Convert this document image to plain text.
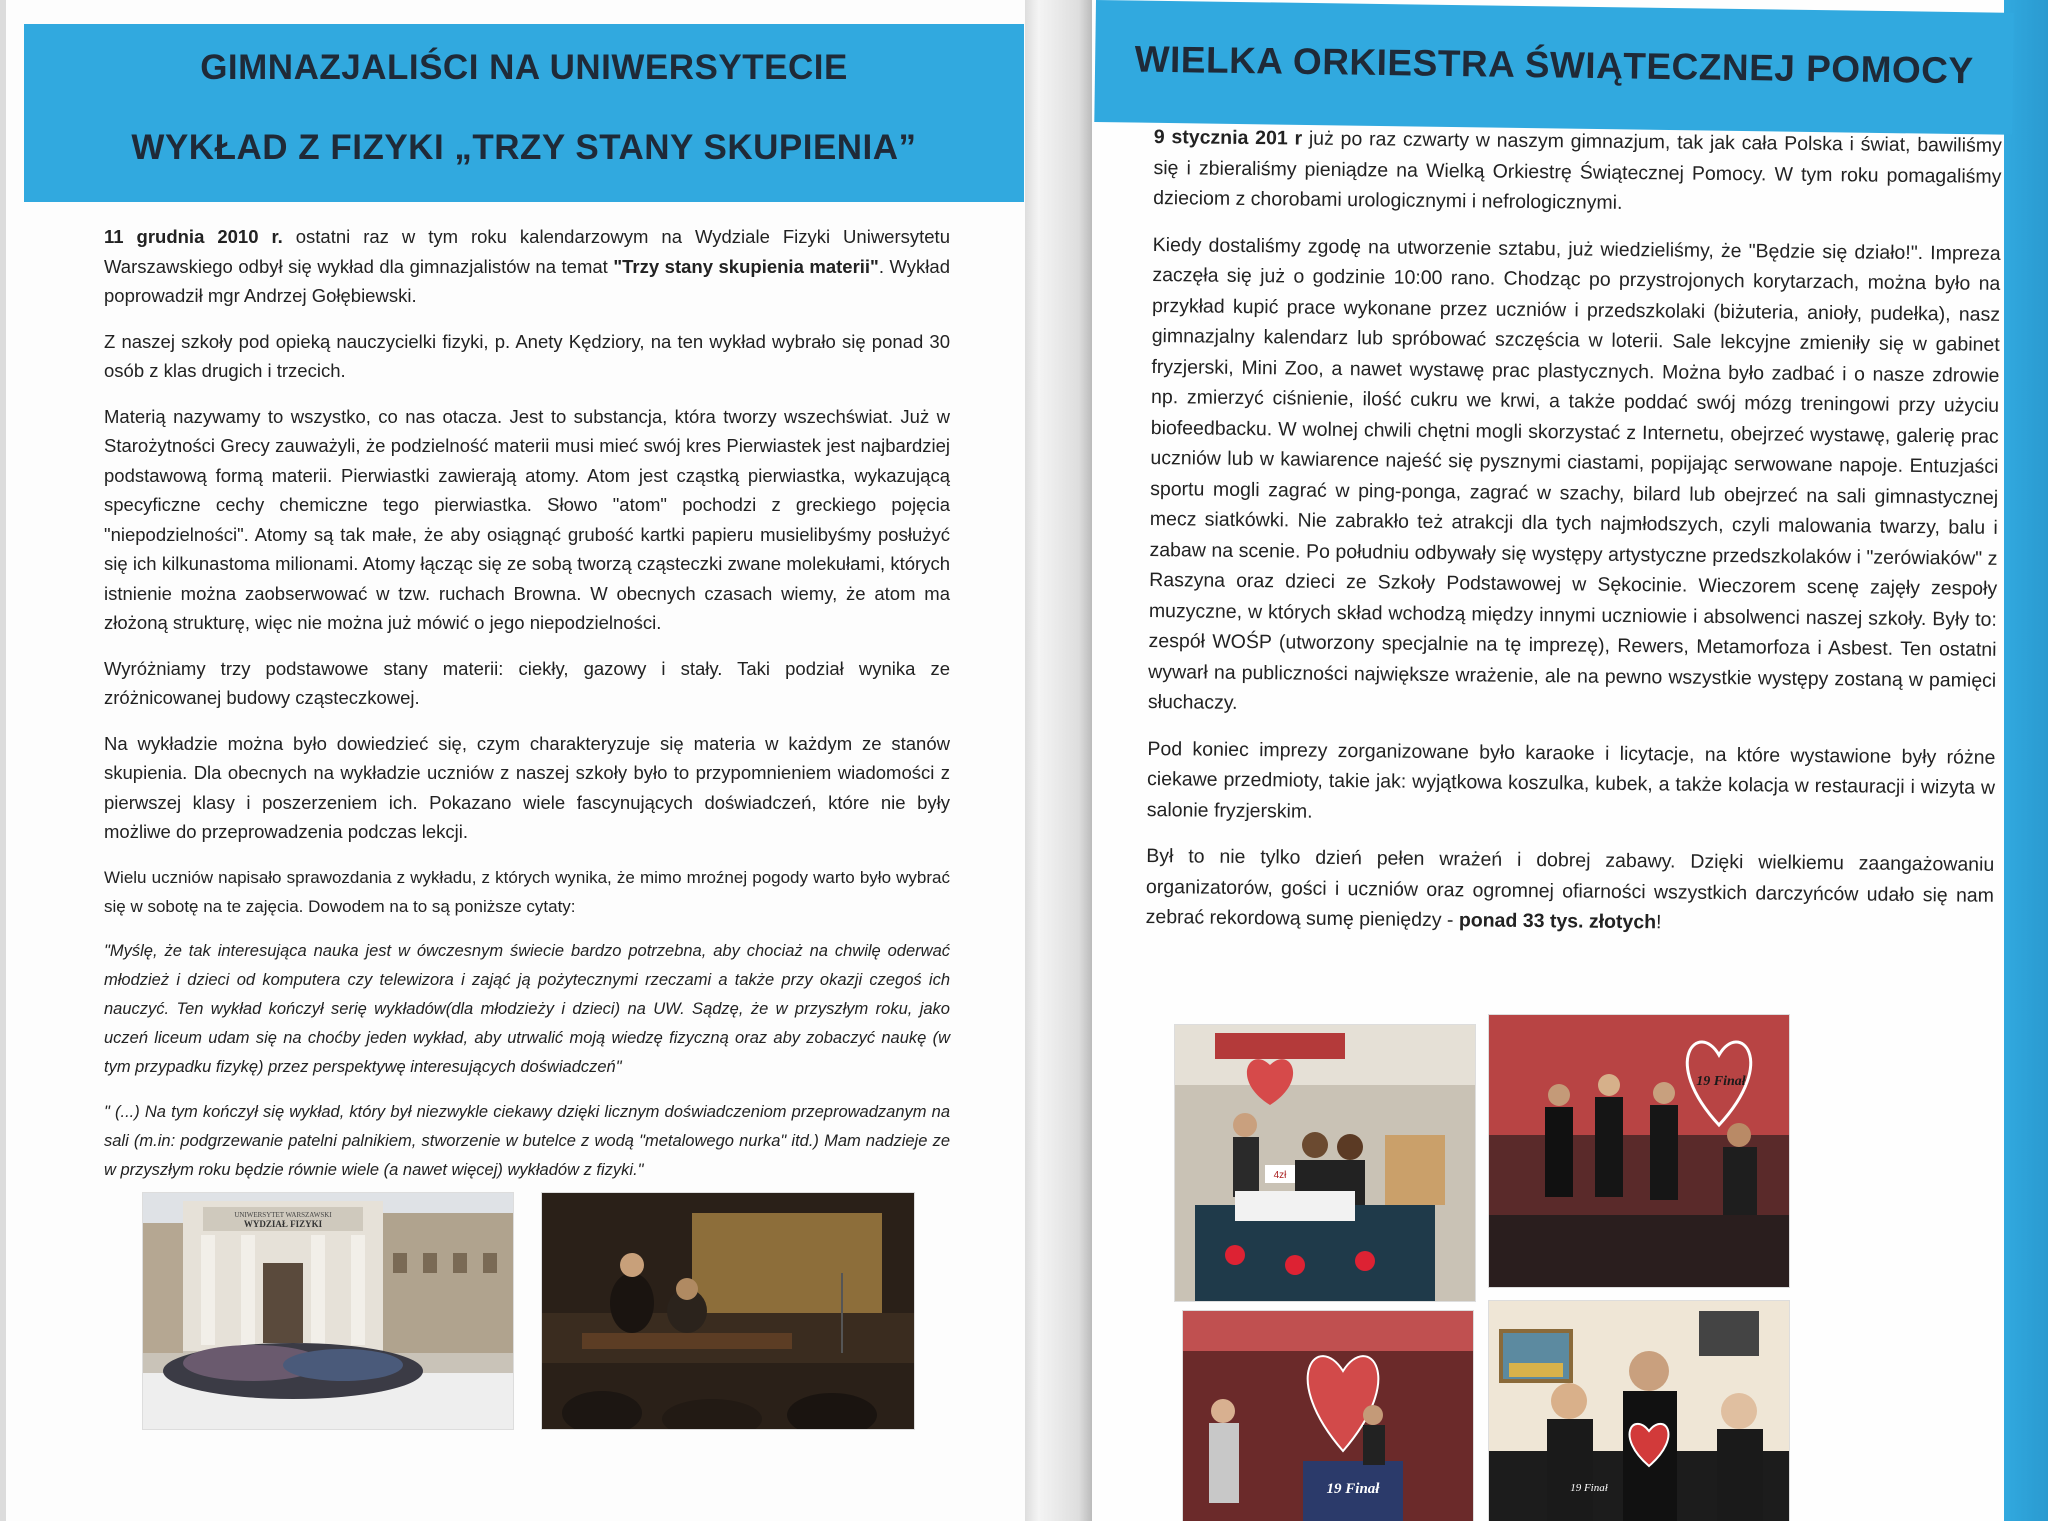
GIMNAZJALIŚCI NA UNIWERSYTECIE
WYKŁAD Z FIZYKI „TRZY STANY SKUPIENIA”

11 grudnia 2010 r. ostatni raz w tym roku kalendarzowym na Wydziale Fizyki Uniwersytetu Warszawskiego odbył się wykład dla gimnazjalistów na temat "Trzy stany skupienia materii". Wykład poprowadził mgr Andrzej Gołębiewski.

Z naszej szkoły pod opieką nauczycielki fizyki, p. Anety Kędziory, na ten wykład wybrało się ponad 30 osób z klas drugich i trzecich.

Materią nazywamy to wszystko, co nas otacza. Jest to substancja, która tworzy wszechświat. Już w Starożytności Grecy zauważyli, że podzielność materii musi mieć swój kres Pierwiastek jest najbardziej podstawową formą materii. Pierwiastki zawierają atomy. Atom jest cząstką pierwiastka, wykazującą specyficzne cechy chemiczne tego pierwiastka. Słowo "atom" pochodzi z greckiego pojęcia "niepodzielności". Atomy są tak małe, że aby osiągnąć grubość kartki papieru musielibyśmy posłużyć się ich kilkunastoma milionami. Atomy łącząc się ze sobą tworzą cząsteczki zwane molekułami, których istnienie można zaobserwować w tzw. ruchach Browna. W obecnych czasach wiemy, że atom ma złożoną strukturę, więc nie można już mówić o jego niepodzielności.

Wyróżniamy trzy podstawowe stany materii: ciekły, gazowy i stały. Taki podział wynika ze zróżnicowanej budowy cząsteczkowej.

Na wykładzie można było dowiedzieć się, czym charakteryzuje się materia w każdym ze stanów skupienia. Dla obecnych na wykładzie uczniów z naszej szkoły było to przypomnieniem wiadomości z pierwszej klasy i poszerzeniem ich. Pokazano wiele fascynujących doświadczeń, które nie były możliwe do przeprowadzenia podczas lekcji.

Wielu uczniów napisało sprawozdania z wykładu, z których wynika, że mimo mroźnej pogody warto było wybrać się w sobotę na te zajęcia. Dowodem na to są poniższe cytaty:

"Myślę, że tak interesująca nauka jest w ówczesnym świecie bardzo potrzebna, aby chociaż na chwilę oderwać młodzież i dzieci od komputera czy telewizora i zająć ją pożytecznymi rzeczami a także przy okazji czegoś ich nauczyć. Ten wykład kończył serię wykładów(dla młodzieży i dzieci) na UW. Sądzę, że w przyszłym roku, jako uczeń liceum udam się na choćby jeden wykład, aby utrwalić moją wiedzę fizyczną oraz aby zobaczyć naukę (w tym przypadku fizykę) przez perspektywę interesujących doświadczeń"

" (...) Na tym kończył się wykład, który był niezwykle ciekawy dzięki licznym doświadczeniom przeprowadzanym na sali (m.in: podgrzewanie patelni palnikiem, stworzenie w butelce z wodą "metalowego nurka" itd.) Mam nadzieje ze w przyszłym roku będzie równie wiele (a nawet więcej) wykładów z fizyki."

UNIWERSYTET WARSZAWSKI
WYDZIAŁ FIZYKI
WIELKA ORKIESTRA ŚWIĄTECZNEJ POMOCY

9 stycznia 201 r już po raz czwarty w naszym gimnazjum, tak jak cała Polska i świat, bawiliśmy się i zbieraliśmy pieniądze na Wielką Orkiestrę Świątecznej Pomocy. W tym roku pomagaliśmy dzieciom z chorobami urologicznymi i nefrologicznymi.

Kiedy dostaliśmy zgodę na utworzenie sztabu, już wiedzieliśmy, że "Będzie się działo!". Impreza zaczęła się już o godzinie 10:00 rano. Chodząc po przystrojonych korytarzach, można było na przykład kupić prace wykonane przez uczniów i przedszkolaki (biżuteria, anioły, pudełka), nasz gimnazjalny kalendarz lub spróbować szczęścia w loterii. Sale lekcyjne zmieniły się w gabinet fryzjerski, Mini Zoo, a nawet wystawę prac plastycznych. Można było zadbać i o nasze zdrowie np. zmierzyć ciśnienie, ilość cukru we krwi, a także poddać swój mózg treningowi przy użyciu biofeedbacku. W wolnej chwili chętni mogli skorzystać z Internetu, obejrzeć wystawę, galerię prac uczniów lub w kawiarence najeść się pysznymi ciastami, popijając serwowane napoje. Entuzjaści sportu mogli zagrać w ping-ponga, zagrać w szachy, bilard lub obejrzeć na sali gimnastycznej mecz siatkówki. Nie zabrakło też atrakcji dla tych najmłodszych, czyli malowania twarzy, balu i zabaw na scenie. Po południu odbywały się występy artystyczne przedszkolaków i "zerówiaków" z Raszyna oraz dzieci ze Szkoły Podstawowej w Sękocinie. Wieczorem scenę zajęły zespoły muzyczne, w których skład wchodzą między innymi uczniowie i absolwenci naszej szkoły. Były to: zespół WOŚP (utworzony specjalnie na tę imprezę), Rewers, Metamorfoza i Asbest. Ten ostatni wywarł na publiczności największe wrażenie, ale na pewno wszystkie występy zostaną w pamięci słuchaczy.

Pod koniec imprezy zorganizowane było karaoke i licytacje, na które wystawione były różne ciekawe przedmioty, takie jak: wyjątkowa koszulka, kubek, a także kolacja w restauracji i wizyta w salonie fryzjerskim.

Był to nie tylko dzień pełen wrażeń i dobrej zabawy. Dzięki wielkiemu zaangażowaniu organizatorów, gości i uczniów oraz ogromnej ofiarności wszystkich darczyńców udało się nam zebrać rekordową sumę pieniędzy - ponad 33 tys. złotych!

4zł
19 Finał
19 Finał	19 Finał
